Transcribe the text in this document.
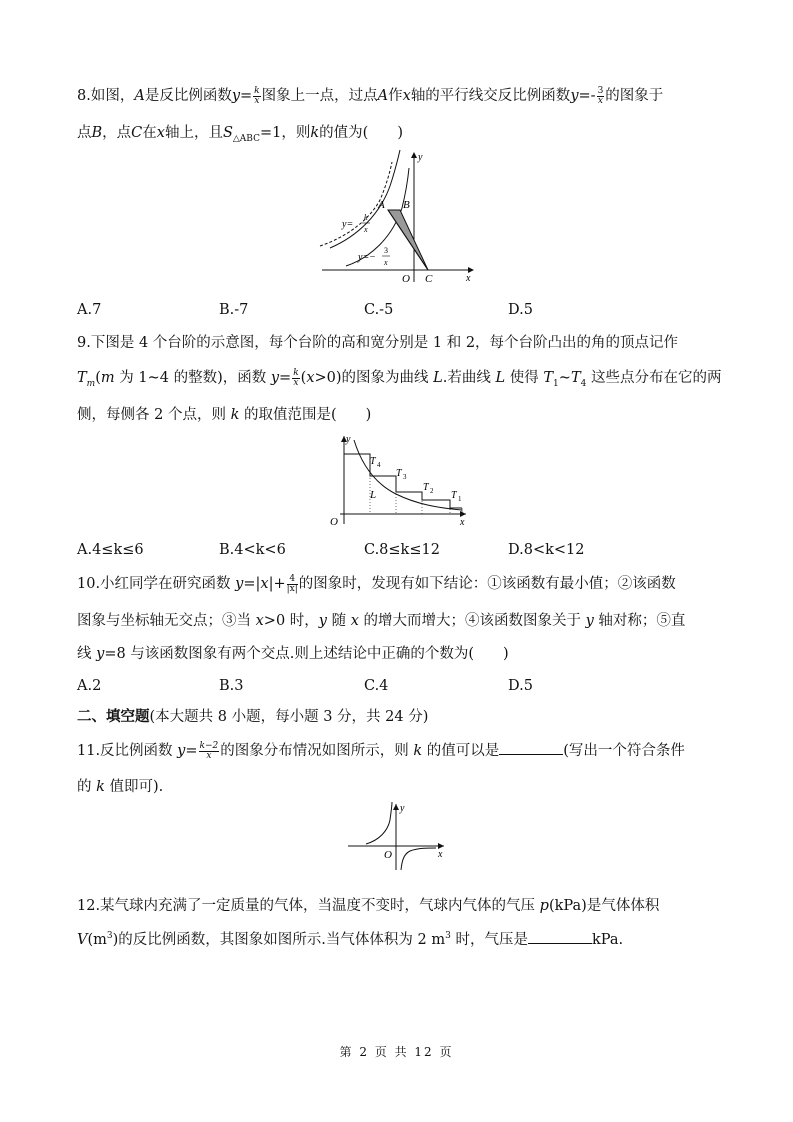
8.如图，A是反比例函数$y= \frac{k}{x}$ 图象上一点，过点A作x轴的平行线交反比例函数$y=- \frac{3}{x}$ 的图象于
点B，点C在x轴上，且$S_{\triangle ABC}=1$，则k的值为(　　)
A B
O C	x
y
y=
k
x
y=−
3
x
A.7	B.-7	C.-5	D.5
9.下图是 4 个台阶的示意图，每个台阶的高和宽分别是 1 和 2，每个台阶凸出的角的顶点记作
$T_m(m$ 为 1~4 的整数)，函数 $y= \frac{k}{x} (x>0)$的图象为曲线 L.若曲线 L 使得 $T_1\sim T_4$ 这些点分布在它的两
侧，每侧各 2 个点，则 k 的取值范围是(　　)
y
x
O
L
T 4
T 3
T 2 T 1
A.4≤k≤6	B.4<k<6	C.8≤k≤12	D.8<k<12
10.小红同学在研究函数 $y=|x|+ \frac{4}{|x|}$ 的图象时，发现有如下结论：①该函数有最小值；②该函数
图象与坐标轴无交点；③当 x>0 时，y 随 x 的增大而增大；④该函数图象关于 y 轴对称；⑤直
线 y=8 与该函数图象有两个交点.则上述结论中正确的个数为(　　)
A.2	B.3	C.4	D.5
二、填空题(本大题共 8 小题，每小题 3 分，共 24 分)
11.反比例函数 $y= \frac{k-2}{x}$ 的图象分布情况如图所示，则 k 的值可以是	(写出一个符合条件
的 k 值即可).
y
x
O
12.某气球内充满了一定质量的气体，当温度不变时，气球内气体的气压 p(kPa)是气体体积
$V(m^3)$的反比例函数，其图象如图所示.当气体体积为 2 $m^3$ 时，气压是	kPa.
第 2 页 共 12 页
